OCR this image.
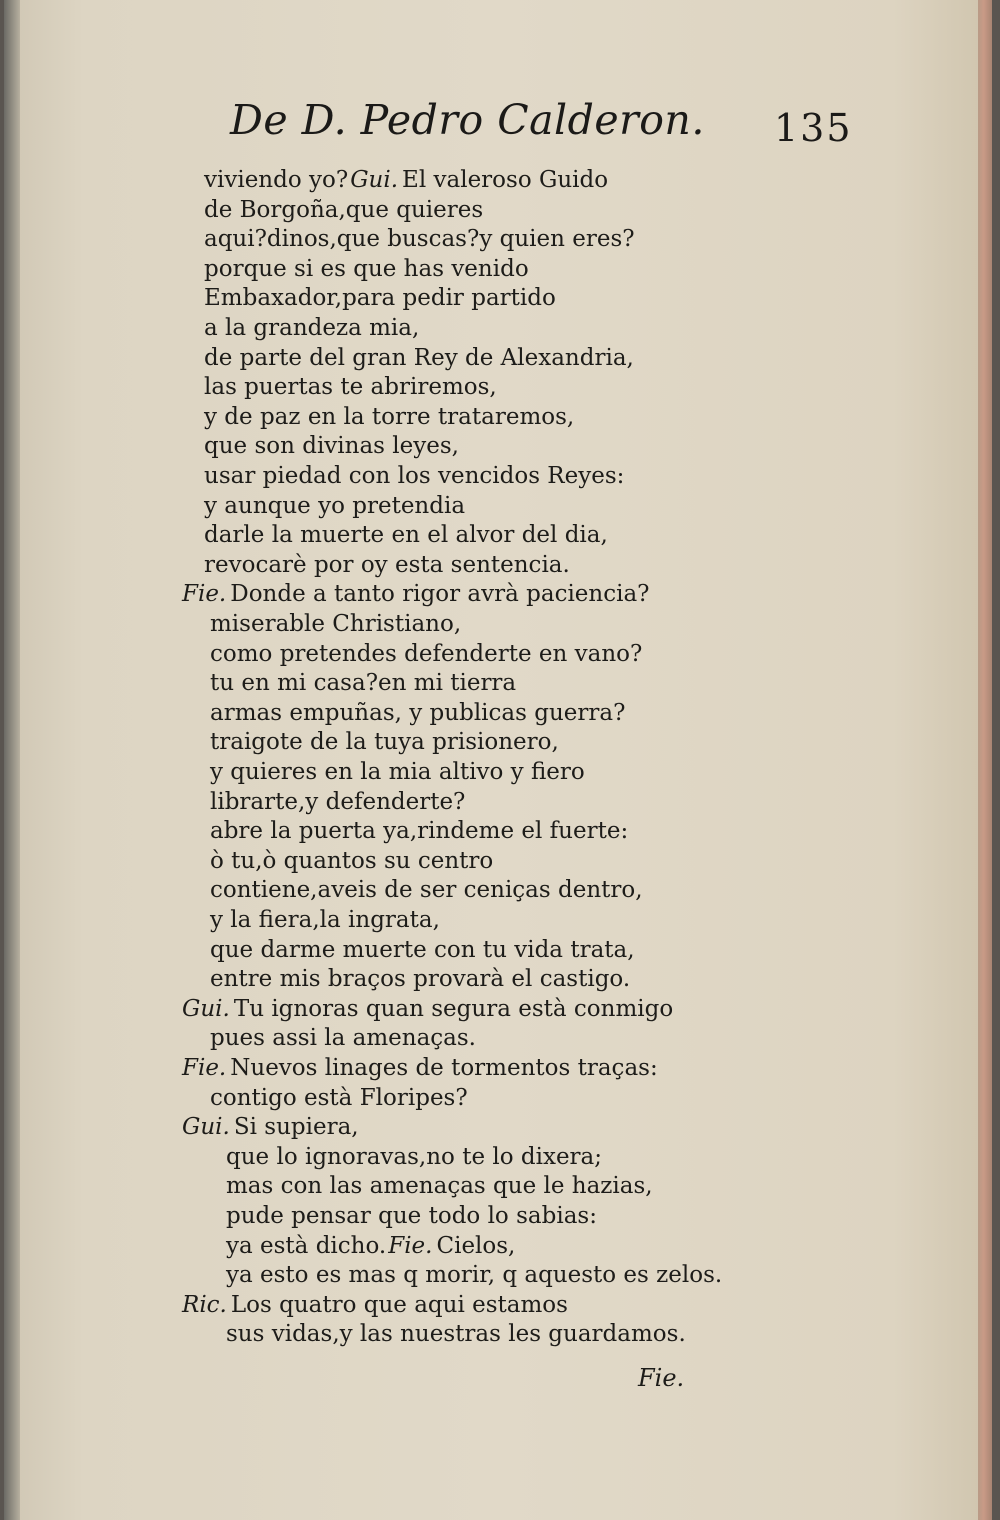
De D. Pedro Calderon. 135
viviendo yo?Gui. El valeroso Guido
de Borgoña,que quieres
aqui?dinos,que buscas?y quien eres?
porque si es que has venido
Embaxador,para pedir partido
a la grandeza mia,
de parte del gran Rey de Alexandria,
las puertas te abriremos,
y de paz en la torre trataremos,
que son divinas leyes,
usar piedad con los vencidos Reyes:
y aunque yo pretendia
darle la muerte en el alvor del dia,
revocarè por oy esta sentencia.
Fie. Donde a tanto rigor avrà paciencia?
miserable Christiano,
como pretendes defenderte en vano?
tu en mi casa?en mi tierra
armas empuñas, y publicas guerra?
traigote de la tuya prisionero,
y quieres en la mia altivo y fiero
librarte,y defenderte?
abre la puerta ya,rindeme el fuerte:
ò tu,ò quantos su centro
contiene,aveis de ser ceniças dentro,
y la fiera,la ingrata,
que darme muerte con tu vida trata,
entre mis braços provarà el castigo.
Gui. Tu ignoras quan segura està conmigo
pues assi la amenaças.
Fie. Nuevos linages de tormentos traças:
contigo està Floripes?
Gui. Si supiera,
que lo ignoravas,no te lo dixera;
mas con las amenaças que le hazias,
pude pensar que todo lo sabias:
ya està dicho.Fie. Cielos,
ya esto es mas q morir, q aquesto es zelos.
Ric. Los quatro que aqui estamos
sus vidas,y las nuestras les guardamos.
Fie.
